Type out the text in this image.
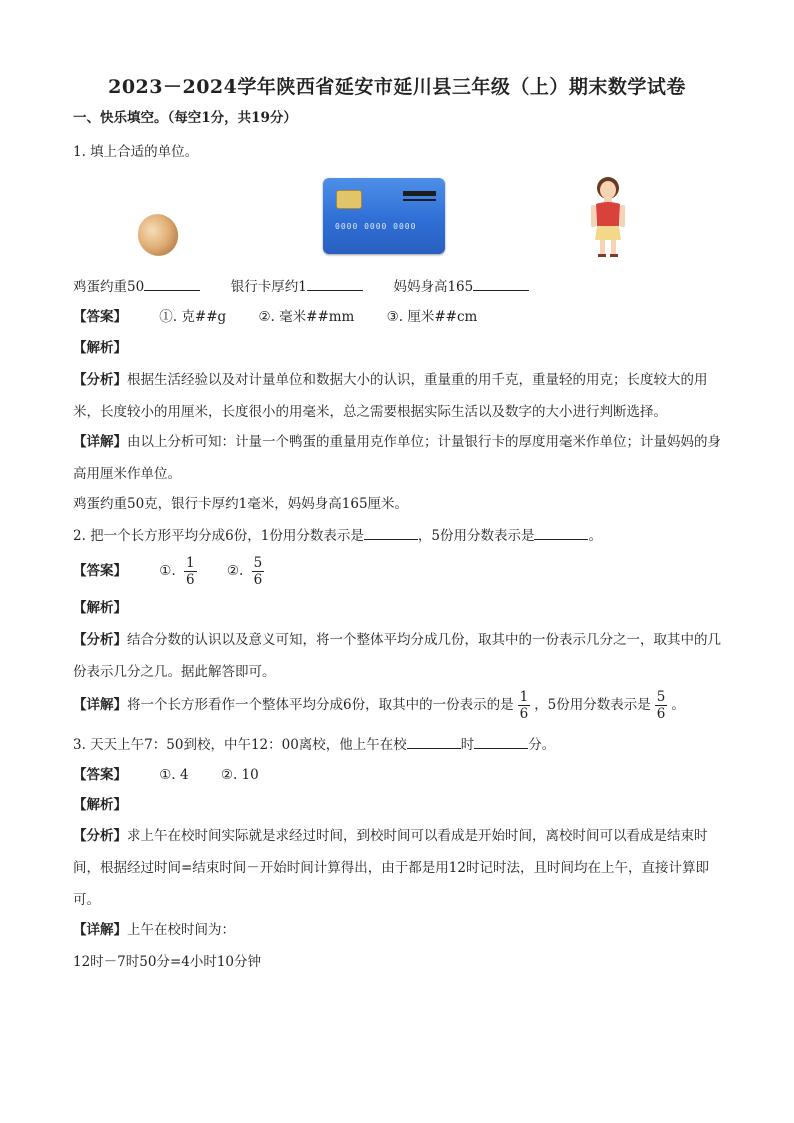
2023－2024学年陕西省延安市延川县三年级（上）期末数学试卷
一、快乐填空。（每空1分，共19分）
1. 填上合适的单位。
0000 0000 0000
鸡蛋约重50	银行卡厚约1	妈妈身高165
【答案】 ①. 克##g ②. 毫米##mm ③. 厘米##cm
【解析】
【分析】根据生活经验以及对计量单位和数据大小的认识，重量重的用千克，重量轻的用克；长度较大的用米，长度较小的用厘米，长度很小的用毫米，总之需要根据实际生活以及数字的大小进行判断选择。
【详解】由以上分析可知：计量一个鸭蛋的重量用克作单位；计量银行卡的厚度用毫米作单位；计量妈妈的身高用厘米作单位。
鸡蛋约重50克，银行卡厚约1毫米，妈妈身高165厘米。
2. 把一个长方形平均分成6份，1份用分数表示是	，5份用分数表示是	。
【答案】 ①. $\frac{1}{6}$ ②. $\frac{5}{6}$
【解析】
【分析】结合分数的认识以及意义可知，将一个整体平均分成几份，取其中的一份表示几分之一，取其中的几份表示几分之几。据此解答即可。
【详解】将一个长方形看作一个整体平均分成6份，取其中的一份表示的是 $\frac{1}{6}$ ，5份用分数表示是 $\frac{5}{6}$ 。
3. 天天上午7：50到校，中午12：00离校，他上午在校	时	分。
【答案】 ①. 4 ②. 10
【解析】
【分析】求上午在校时间实际就是求经过时间，到校时间可以看成是开始时间，离校时间可以看成是结束时间，根据经过时间=结束时间－开始时间计算得出，由于都是用12时记时法，且时间均在上午，直接计算即可。
【详解】上午在校时间为：
12时－7时50分=4小时10分钟
